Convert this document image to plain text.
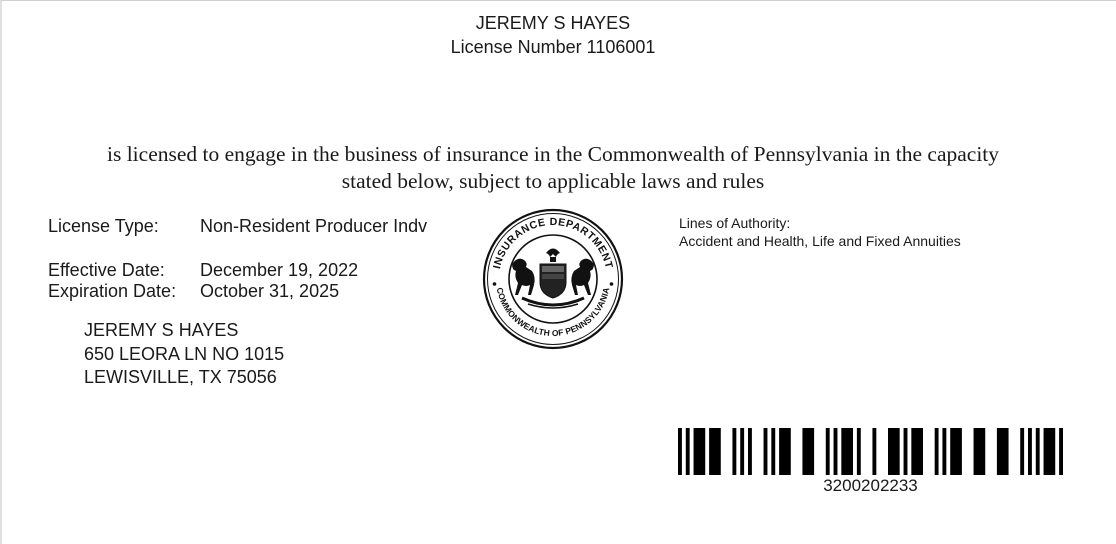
JEREMY S HAYES
License Number 1106001
is licensed to engage in the business of insurance in the Commonwealth of Pennsylvania in the capacity
stated below, subject to applicable laws and rules
License Type: Non-Resident Producer Indv
Effective Date: December 19, 2022
Expiration Date: October 31, 2025
JEREMY S HAYES
650 LEORA LN NO 1015
LEWISVILLE, TX 75056
INSURANCE DEPARTMENT
COMMONWEALTH OF PENNSYLVANIA
Lines of Authority:
Accident and Health, Life and Fixed Annuities
3200202233
